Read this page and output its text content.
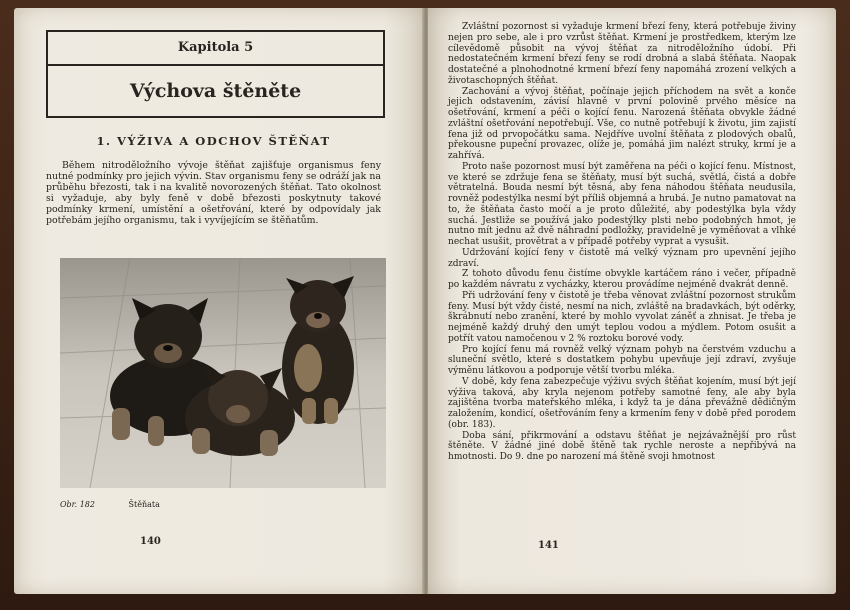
Kapitola 5
Výchova štěněte
1. VÝŽIVA A ODCHOV ŠTĚŇAT
Během nitroděložního vývoje štěňat zajišťuje organismus feny nutné podmínky pro jejich vývin. Stav organismu feny se odráží jak na průběhu březosti, tak i na kvalitě novorozených štěňat. Tato okolnost si vyžaduje, aby byly feně v době březosti poskytnuty takové podmínky krmení, umístění a ošetřování, které by odpovídaly jak potřebám jejího organismu, tak i vyvíjejícím se štěňatům.
Obr. 182	Štěňata
140

Zvláštní pozornost si vyžaduje krmení březí feny, která potřebuje živiny nejen pro sebe, ale i pro vzrůst štěňat. Krmení je prostředkem, kterým lze cílevědomě působit na vývoj štěňat za nitroděložního údobí. Při nedostatečném krmení březí feny se rodí drobná a slabá štěňata. Naopak dostatečné a plnohodnotné krmení březí feny napomáhá zrození velkých a životaschopných štěňat.

Zachování a vývoj štěňat, počínaje jejich příchodem na svět a konče jejich odstavením, závisí hlavně v první polovině prvého měsíce na ošetřování, krmení a péči o kojící fenu. Narozená štěňata obvykle žádné zvláštní ošetřování nepotřebují. Vše, co nutně potřebují k životu, jim zajistí fena již od prvopočátku sama. Nejdříve uvolní štěňata z plodových obalů, překousne pupeční provazec, olíže je, pomáhá jim nalézt struky, krmí je a zahřívá.

Proto naše pozornost musí být zaměřena na péči o kojící fenu. Místnost, ve které se zdržuje fena se štěňaty, musí být suchá, světlá, čistá a dobře větratelná. Bouda nesmí být těsná, aby fena náhodou štěňata neudusila, rovněž podestýlka nesmí být příliš objemná a hrubá. Je nutno pamatovat na to, že štěňata často močí a je proto důležité, aby podestýlka byla vždy suchá. Jestliže se používá jako podestýlky plsti nebo podobných hmot, je nutno mít jednu až dvě náhradní podložky, pravidelně je vyměňovat a vlhké nechat usušit, provětrat a v případě potřeby vyprat a vysušit.

Udržování kojící feny v čistotě má velký význam pro upevnění jejího zdraví.

Z tohoto důvodu fenu čistíme obvykle kartáčem ráno i večer, případně po každém návratu z vycházky, kterou provádíme nejméně dvakrát denně.

Při udržování feny v čistotě je třeba věnovat zvláštní pozornost strukům feny. Musí být vždy čisté, nesmí na nich, zvláště na bradavkách, být oděrky, škrábnutí nebo zranění, které by mohlo vyvolat záněť a zhnisat. Je třeba je nejméně každý druhý den umýt teplou vodou a mýdlem. Potom osušit a potřít vatou namočenou v 2 % roztoku borové vody.

Pro kojící fenu má rovněž velký význam pohyb na čerstvém vzduchu a sluneční světlo, které s dostatkem pohybu upevňuje její zdraví, zvyšuje výměnu látkovou a podporuje větší tvorbu mléka.

V době, kdy fena zabezpečuje výživu svých štěňat kojením, musí být její výživa taková, aby kryla nejenom potřeby samotné feny, ale aby byla zajištěna tvorba mateřského mléka, i když ta je dána převážně dědičným založením, kondicí, ošetřováním feny a krmením feny v době před porodem (obr. 183).

Doba sání, přikrmování a odstavu štěňat je nejzávažnější pro růst štěněte. V žádné jiné době štěně tak rychle neroste a nepřibývá na hmotnosti. Do 9. dne po narození má štěně svoji hmotnost

141
